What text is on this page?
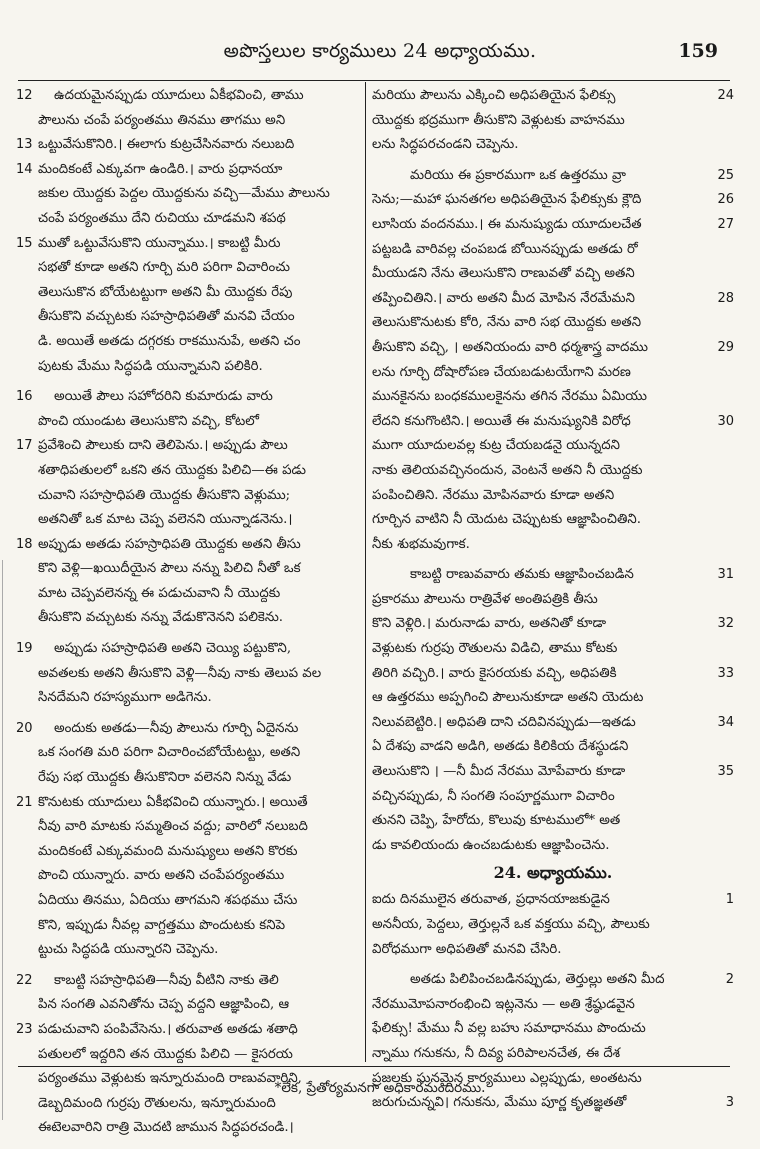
అపొస్తలుల కార్యములు 24 అధ్యాయము.	159
12 ఉదయమైనప్పుడు యూదులు ఏకీభవించి, తాము
పౌలును చంపే పర్యంతము తినము తాగము అని
13 ఒట్టువేసుకొనిరి.। ఈలాగు కుట్రచేసినవారు నలుబది
14 మందికంటే ఎక్కువగా ఉండిరి.। వారు ప్రధానయా
జకుల యొద్దకు పెద్దల యొద్దకును వచ్చి—మేము పౌలును
చంపే పర్యంతము దేని రుచియు చూడమని శపథ
15 ముతో ఒట్టువేసుకొని యున్నాము.। కాబట్టి మీరు
సభతో కూడా అతని గూర్చి మరి పరిగా విచారించు
తెలుసుకొన బోయేటట్టుగా అతని మీ యొద్దకు రేపు
తీసుకొని వచ్చుటకు సహస్రాధిపతితో మనవి చేయం
డి. అయితే అతడు దగ్గరకు రాకమునుపే, అతని చం
పుటకు మేము సిద్ధపడి యున్నామని పలికిరి.
16 అయితే పౌలు సహోదరిని కుమారుడు వారు
పొంచి యుండుట తెలుసుకొని వచ్చి, కోటలో
17 ప్రవేశించి పౌలుకు దాని తెలిపెను.। అప్పుడు పౌలు
శతాధిపతులలో ఒకని తన యొద్దకు పిలిచి—ఈ పడు
చువాని సహస్రాధిపతి యొద్దకు తీసుకొని వెళ్లుము;
అతనితో ఒక మాట చెప్ప వలెనని యున్నాడనెను.।
18 అప్పుడు అతడు సహస్రాధిపతి యొద్దకు అతని తీసు
కొని వెళ్లి—ఖయిదీయైన పౌలు నన్ను పిలిచి నీతో ఒక
మాట చెప్పవలెనన్న ఈ పడుచువాని నీ యొద్దకు
తీసుకొని వచ్చుటకు నన్ను వేడుకొనెనని పలికెను.
19 అప్పుడు సహస్రాధిపతి అతని చెయ్యి పట్టుకొని,
అవతలకు అతని తీసుకొని వెళ్లి—నీవు నాకు తెలుప వల
సినదేమని రహస్యముగా అడిగెను.
20 అందుకు అతడు—నీవు పౌలును గూర్చి ఏదైనను
ఒక సంగతి మరి పరిగా విచారించబోయేటట్టు, అతని
రేపు సభ యొద్దకు తీసుకొనిరా వలెనని నిన్ను వేడు
21 కొనుటకు యూదులు ఏకీభవించి యున్నారు.। అయితే
నీవు వారి మాటకు సమ్మతించ వద్దు; వారిలో నలుబది
మందికంటే ఎక్కువమంది మనుష్యులు అతని కొరకు
పొంచి యున్నారు. వారు అతని చంపేపర్యంతము
ఏదియు తినము, ఏదియు తాగమని శపథము చేసు
కొని, ఇప్పుడు నీవల్ల వాగ్దత్తము పొందుటకు కనిపె
ట్టుచు సిద్ధపడి యున్నారని చెప్పెను.
22 కాబట్టి సహస్రాధిపతి—నీవు వీటిని నాకు తెలి
పిన సంగతి ఎవనితోను చెప్ప వద్దని ఆజ్ఞాపించి, ఆ
23 పడుచువాని పంపివేసెను.। తరువాత అతడు శతాధి
పతులలో ఇద్దరిని తన యొద్దకు పిలిచి — కైసరయ
పర్యంతము వెళ్లుటకు ఇన్నూరుమంది రాణువవారిని,
డెబ్బదిమంది గుర్రపు రౌతులను, ఇన్నూరుమంది
ఈటెలవారిని రాత్రి మొదటి జామున సిద్ధపరచండి.।
24
మరియు పౌలును ఎక్కించి అధిపతియైన ఫేలిక్సు
యొద్దకు భద్రముగా తీసుకొని వెళ్లుటకు వాహనము
లను సిద్ధపరచండని చెప్పెను.
25
మరియు ఈ ప్రకారముగా ఒక ఉత్తరము వ్రా
26
సెను;—మహా ఘనతగల అధిపతియైన ఫేలిక్సుకు క్లౌది
27
లూసియ వందనము.। ఈ మనుష్యుడు యూదులచేత
పట్టబడి వారివల్ల చంపబడ బోయినప్పుడు అతడు రో
మీయుడని నేను తెలుసుకొని రాణువతో వచ్చి అతని
28
తప్పించితిని.। వారు అతని మీద మోపిన నేరమేమని
తెలుసుకొనుటకు కోరి, నేను వారి సభ యొద్దకు అతని
29
తీసుకొని వచ్చి, । అతనియందు వారి ధర్మశాస్త్ర వాదము
లను గూర్చి దోషారోపణ చేయబడుటయేగాని మరణ
మునకైనను బంధకములకైనను తగిన నేరము ఏమియు
30
లేదని కనుగొంటిని.। అయితే ఈ మనుష్యునికి విరోధ
ముగా యూదులవల్ల కుట్ర చేయబడనై యున్నదని
నాకు తెలియవచ్చినందున, వెంటనే అతని నీ యొద్దకు
పంపించితిని. నేరము మోపినవారు కూడా అతని
గూర్చిన వాటిని నీ యెదుట చెప్పుటకు ఆజ్ఞాపించితిని.
నీకు శుభమవుగాక.
31
కాబట్టి రాణువవారు తమకు ఆజ్ఞాపించబడిన
ప్రకారము పౌలును రాత్రివేళ అంతిపత్రికి తీసు
32
కొని వెళ్లిరి.। మరునాడు వారు, అతనితో కూడా
వెళ్లుటకు గుర్రపు రౌతులను విడిచి, తాము కోటకు
33
తిరిగి వచ్చిరి.। వారు కైసరయకు వచ్చి, అధిపతికి
ఆ ఉత్తరము అప్పగించి పౌలునుకూడా అతని యెదుట
34
నిలువబెట్టిరి.। అధిపతి దాని చదివినప్పుడు—ఇతడు
ఏ దేశపు వాడని అడిగి, అతడు కిలికియ దేశస్థుడని
35
తెలుసుకొని । —నీ మీద నేరము మోపేవారు కూడా
వచ్చినప్పుడు, నీ సంగతి సంపూర్ణముగా విచారిం
తునని చెప్పి, హేరోదు, కొలువు కూటములో* అత
డు కావలియందు ఉంచబడుటకు ఆజ్ఞాపించెను.
24. అధ్యాయము.
1
ఐదు దినములైన తరువాత, ప్రధానయాజకుడైన
అననీయ, పెద్దలు, తెర్తుల్లనే ఒక వక్తయు వచ్చి, పౌలుకు
విరోధముగా అధిపతితో మనవి చేసిరి.
2
అతడు పిలిపించబడినప్పుడు, తెర్తుల్లు అతని మీద
నేరముమోపనారంభించి ఇట్లనెను — అతి శ్రేష్ఠుడవైన
ఫేలిక్సు! మేము నీ వల్ల బహు సమాధానము పొందుచు
న్నాము గనుకను, నీ దివ్య పరిపాలనచేత, ఈ దేశ
ప్రజలకు ఘనమైన కార్యములు ఎల్లప్పుడు, అంతటను
3
జరుగుచున్నవి। గనుకను, మేము పూర్ణ కృతజ్ఞతతో
*లేక, ప్రేతోర్యమనగా అధికారమందిరము.
